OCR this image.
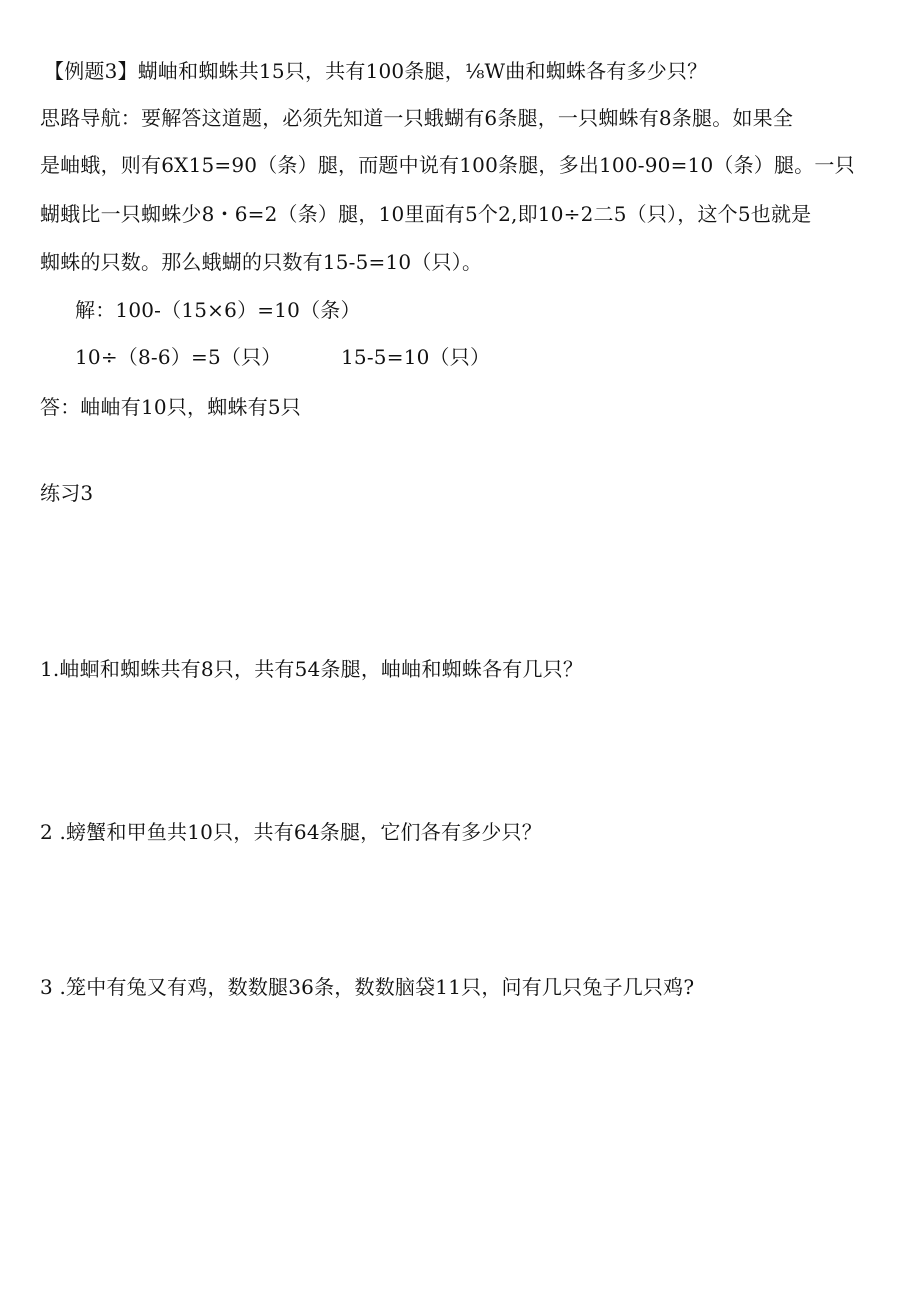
【例题3】蝴岫和蜘蛛共15只，共有100条腿，⅛W曲和蜘蛛各有多少只？
思路导航：要解答这道题，必须先知道一只蛾蝴有6条腿，一只蜘蛛有8条腿。如果全
是岫蛾，则有6X15=90（条）腿，而题中说有100条腿，多出100-90=10（条）腿。一只
蝴蛾比一只蜘蛛少8・6=2（条）腿，10里面有5个2,即10÷2二5（只），这个5也就是
蜘蛛的只数。那么蛾蝴的只数有15-5=10（只）。
解：100-（15×6）=10（条）
10÷（8-6）=5（只）	15-5=10（只）
答：岫岫有10只，蜘蛛有5只
练习3
1.岫蛔和蜘蛛共有8只，共有54条腿，岫岫和蜘蛛各有几只？
2 .螃蟹和甲鱼共10只，共有64条腿，它们各有多少只？
3 .笼中有兔又有鸡，数数腿36条，数数脑袋11只，问有几只兔子几只鸡?
